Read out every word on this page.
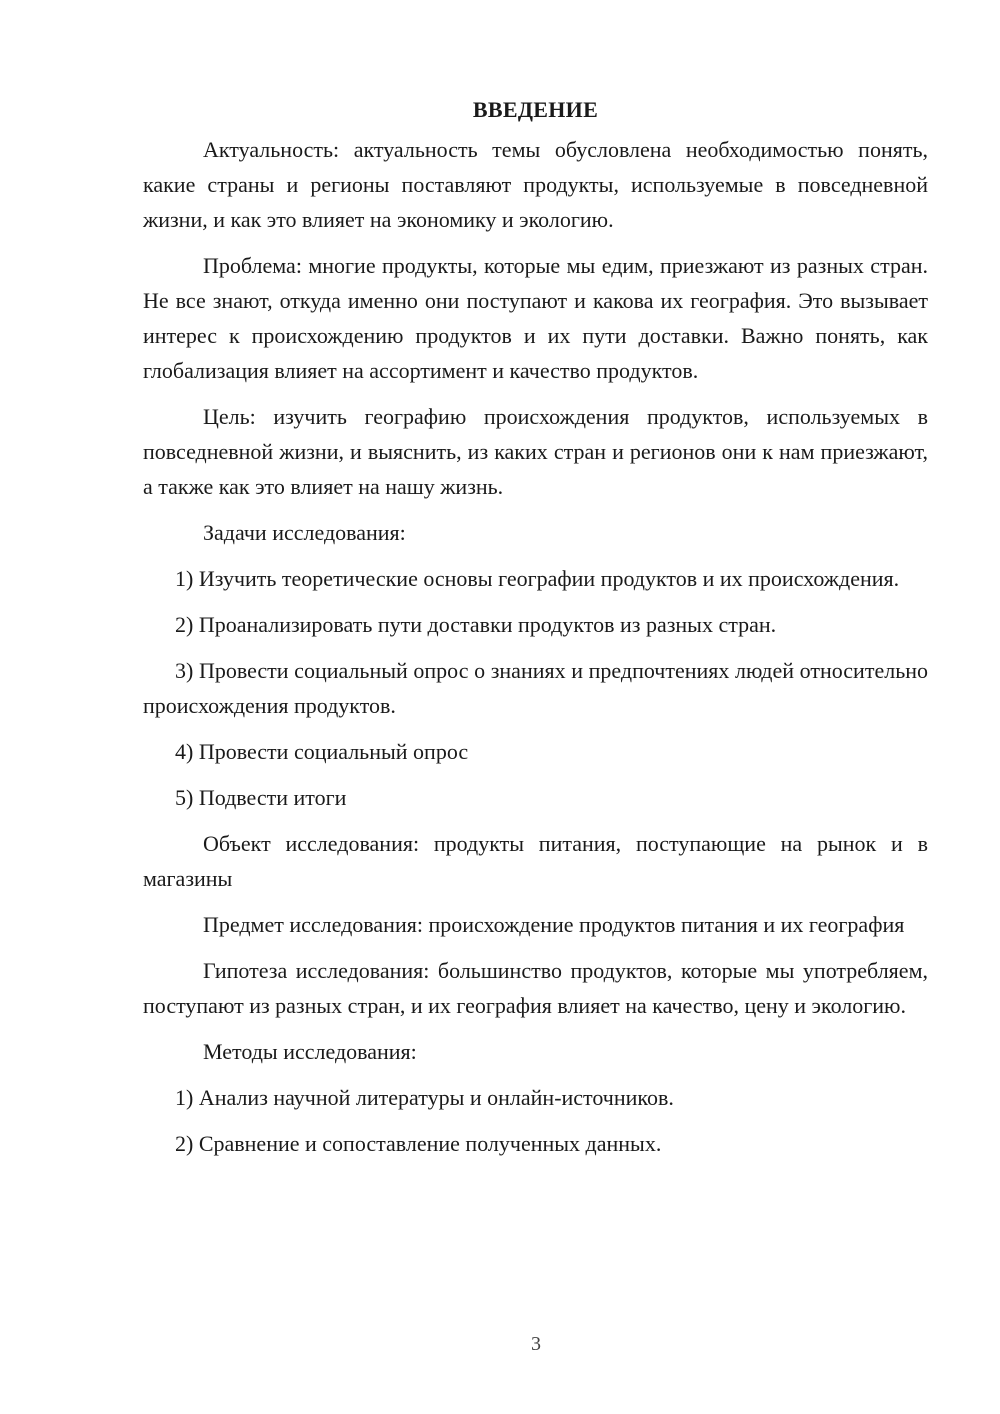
ВВЕДЕНИЕ

Актуальность: актуальность темы обусловлена необходимостью понять, какие страны и регионы поставляют продукты, используемые в повседневной жизни, и как это влияет на экономику и экологию.

Проблема: многие продукты, которые мы едим, приезжают из разных стран. Не все знают, откуда именно они поступают и какова их география. Это вызывает интерес к происхождению продуктов и их пути доставки. Важно понять, как глобализация влияет на ассортимент и качество продуктов.

Цель: изучить географию происхождения продуктов, используемых в повседневной жизни, и выяснить, из каких стран и регионов они к нам приезжают, а также как это влияет на нашу жизнь.

Задачи исследования:

1) Изучить теоретические основы географии продуктов и их происхождения.

2) Проанализировать пути доставки продуктов из разных стран.

3) Провести социальный опрос о знаниях и предпочтениях людей относительно происхождения продуктов.

4) Провести социальный опрос

5) Подвести итоги

Объект исследования: продукты питания, поступающие на рынок и в магазины

Предмет исследования: происхождение продуктов питания и их география

Гипотеза исследования: большинство продуктов, которые мы употребляем, поступают из разных стран, и их география влияет на качество, цену и экологию.

Методы исследования:

1) Анализ научной литературы и онлайн-источников.

2) Сравнение и сопоставление полученных данных.

3
